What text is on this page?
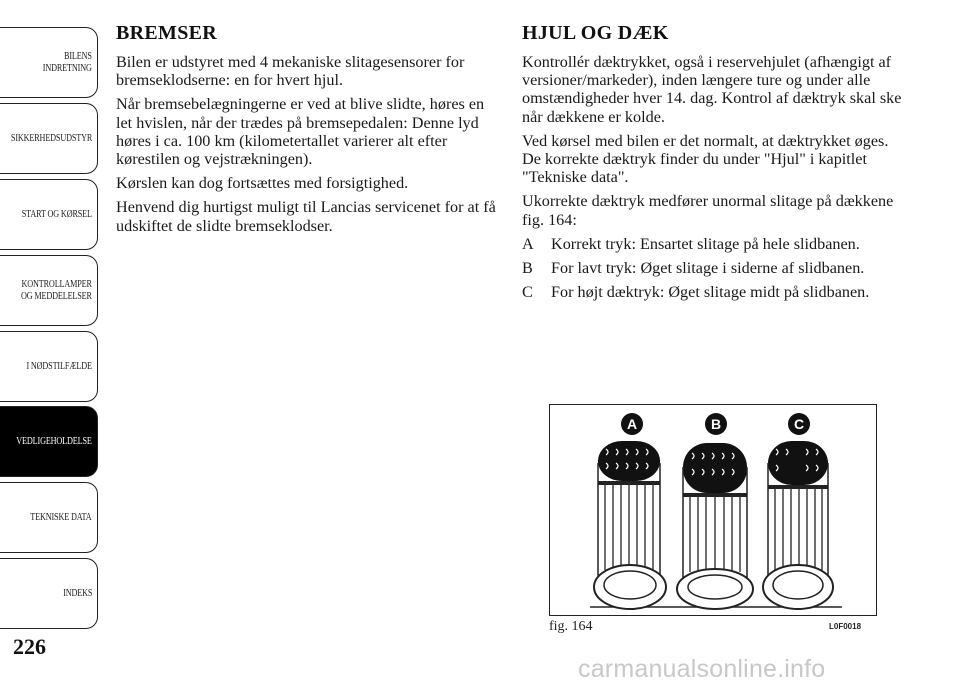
BILENS
INDRETNING
SIKKERHEDSUDSTYR
START OG KØRSEL
KONTROLLAMPER
OG MEDDELELSER
I NØDSTILFÆLDE
VEDLIGEHOLDELSE
TEKNISKE DATA
INDEKS
226
BREMSER

Bilen er udstyret med 4 mekaniske slitagesensorer for bremseklodserne: en for hvert hjul.

Når bremsebelægningerne er ved at blive slidte, høres en let hvislen, når der trædes på bremsepedalen: Denne lyd høres i ca. 100 km (kilometertallet varierer alt efter kørestilen og vejstrækningen).

Kørslen kan dog fortsættes med forsigtighed.

Henvend dig hurtigst muligt til Lancias servicenet for at få udskiftet de slidte bremseklodser.

HJUL OG DÆK

Kontrollér dæktrykket, også i reservehjulet (afhængigt af versioner/markeder), inden længere ture og under alle omstændigheder hver 14. dag. Kontrol af dæktryk skal ske når dækkene er kolde.

Ved kørsel med bilen er det normalt, at dæktrykket øges. De korrekte dæktryk finder du under "Hjul" i kapitlet "Tekniske data".

Ukorrekte dæktryk medfører unormal slitage på dækkene fig. 164:

A Korrekt tryk: Ensartet slitage på hele slidbanen.
B For lavt tryk: Øget slitage i siderne af slidbanen.
C For højt dæktryk: Øget slitage midt på slidbanen.
A	B	C
fig. 164	L0F0018
carmanualsonline.info
